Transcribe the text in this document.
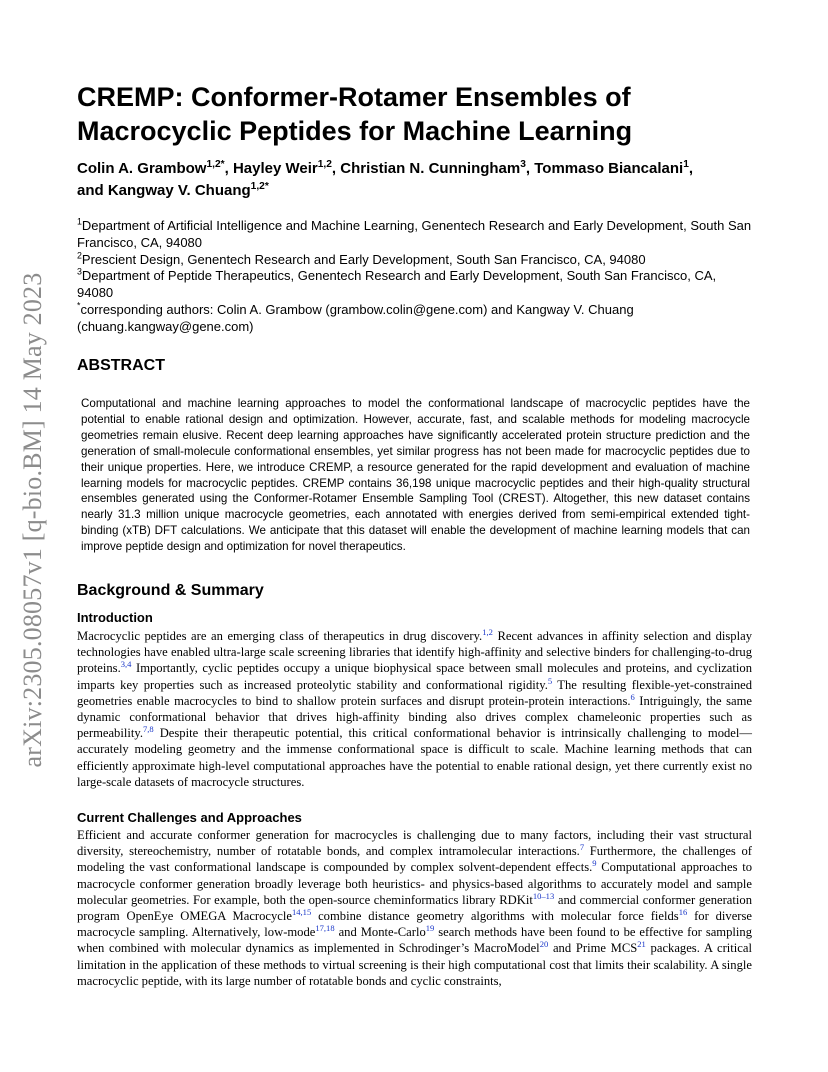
arXiv:2305.08057v1 [q-bio.BM] 14 May 2023
CREMP: Conformer-Rotamer Ensembles of Macrocyclic Peptides for Machine Learning
Colin A. Grambow$^{1,2*}$, Hayley Weir$^{1,2}$, Christian N. Cunningham$^3$, Tommaso Biancalani$^1$,
and Kangway V. Chuang$^{1,2*}$

$^1$Department of Artificial Intelligence and Machine Learning, Genentech Research and Early Development, South San Francisco, CA, 94080

$^2$Prescient Design, Genentech Research and Early Development, South San Francisco, CA, 94080

$^3$Department of Peptide Therapeutics, Genentech Research and Early Development, South San Francisco, CA, 94080

*corresponding authors: Colin A. Grambow (grambow.colin@gene.com) and Kangway V. Chuang (chuang.kangway@gene.com)

ABSTRACT

Computational and machine learning approaches to model the conformational landscape of macrocyclic peptides have the potential to enable rational design and optimization. However, accurate, fast, and scalable methods for modeling macrocycle geometries remain elusive. Recent deep learning approaches have significantly accelerated protein structure prediction and the generation of small-molecule conformational ensembles, yet similar progress has not been made for macrocyclic peptides due to their unique properties. Here, we introduce CREMP, a resource generated for the rapid development and evaluation of machine learning models for macrocyclic peptides. CREMP contains 36,198 unique macrocyclic peptides and their high-quality structural ensembles generated using the Conformer-Rotamer Ensemble Sampling Tool (CREST). Altogether, this new dataset contains nearly 31.3 million unique macrocycle geometries, each annotated with energies derived from semi-empirical extended tight-binding (xTB) DFT calculations. We anticipate that this dataset will enable the development of machine learning models that can improve peptide design and optimization for novel therapeutics.

Background & Summary
Introduction

Macrocyclic peptides are an emerging class of therapeutics in drug discovery.$^{1,2}$ Recent advances in affinity selection and display technologies have enabled ultra-large scale screening libraries that identify high-affinity and selective binders for challenging-to-drug proteins.$^{3,4}$ Importantly, cyclic peptides occupy a unique biophysical space between small molecules and proteins, and cyclization imparts key properties such as increased proteolytic stability and conformational rigidity.$^5$ The resulting flexible-yet-constrained geometries enable macrocycles to bind to shallow protein surfaces and disrupt protein-protein interactions.$^6$ Intriguingly, the same dynamic conformational behavior that drives high-affinity binding also drives complex chameleonic properties such as permeability.$^{7,8}$ Despite their therapeutic potential, this critical conformational behavior is intrinsically challenging to model—accurately modeling geometry and the immense conformational space is difficult to scale. Machine learning methods that can efficiently approximate high-level computational approaches have the potential to enable rational design, yet there currently exist no large-scale datasets of macrocycle structures.

Current Challenges and Approaches

Efficient and accurate conformer generation for macrocycles is challenging due to many factors, including their vast structural diversity, stereochemistry, number of rotatable bonds, and complex intramolecular interactions.$^7$ Furthermore, the challenges of modeling the vast conformational landscape is compounded by complex solvent-dependent effects.$^9$ Computational approaches to macrocycle conformer generation broadly leverage both heuristics- and physics-based algorithms to accurately model and sample molecular geometries. For example, both the open-source cheminformatics library RDKit$^{10-13}$ and commercial conformer generation program OpenEye OMEGA Macrocycle$^{14,15}$ combine distance geometry algorithms with molecular force fields$^{16}$ for diverse macrocycle sampling. Alternatively, low-mode$^{17,18}$ and Monte-Carlo$^{19}$ search methods have been found to be effective for sampling when combined with molecular dynamics as implemented in Schrodinger’s MacroModel$^{20}$ and Prime MCS$^{21}$ packages. A critical limitation in the application of these methods to virtual screening is their high computational cost that limits their scalability. A single macrocyclic peptide, with its large number of rotatable bonds and cyclic constraints,
